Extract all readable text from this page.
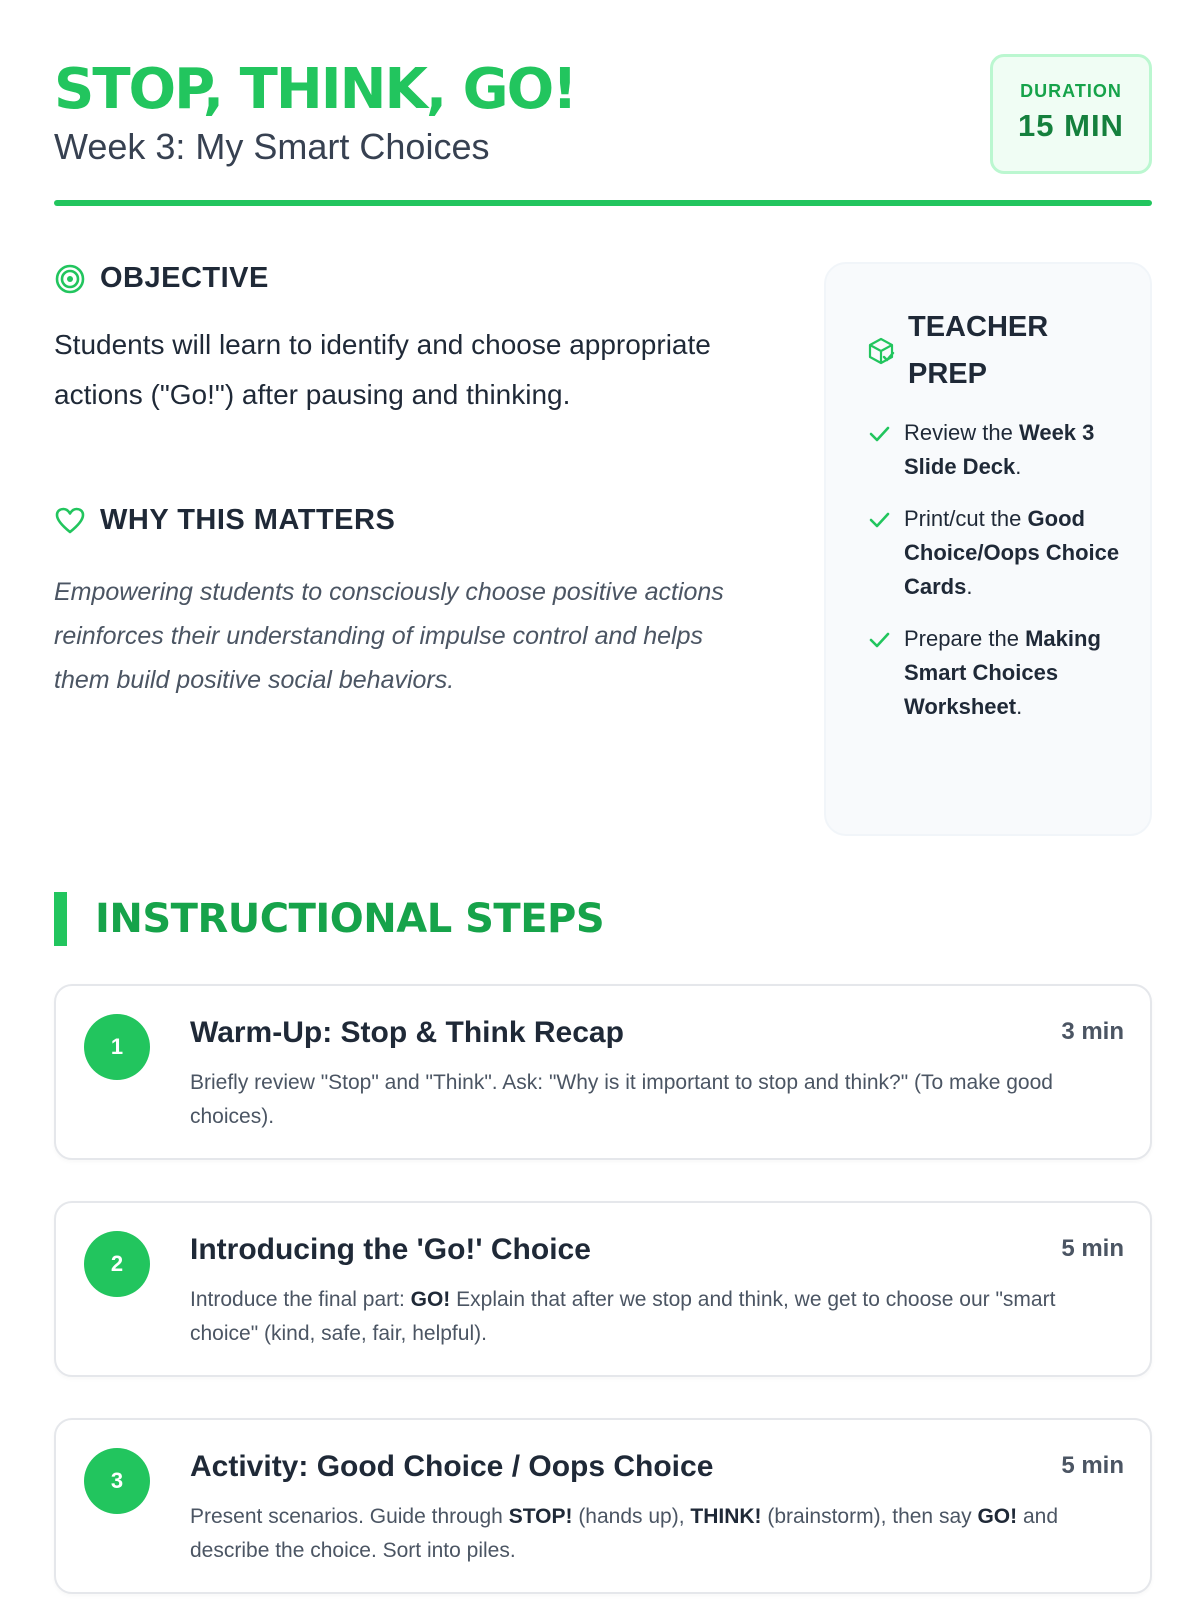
STOP, THINK, GO!
Week 3: My Smart Choices
DURATION
15 MIN
OBJECTIVE
Students will learn to identify and choose appropriate actions ("Go!") after pausing and thinking.
WHY THIS MATTERS
Empowering students to consciously choose positive actions reinforces their understanding of impulse control and helps them build positive social behaviors.
TEACHER PREP
Review the Week 3 Slide Deck.
Print/cut the Good Choice/Oops Choice Cards.
Prepare the Making Smart Choices Worksheet.
INSTRUCTIONAL STEPS
1	Warm-Up: Stop & Think Recap	3 min
Briefly review "Stop" and "Think". Ask: "Why is it important to stop and think?" (To make good choices).
2	Introducing the 'Go!' Choice	5 min
Introduce the final part: GO! Explain that after we stop and think, we get to choose our "smart choice" (kind, safe, fair, helpful).
3	Activity: Good Choice / Oops Choice	5 min
Present scenarios. Guide through STOP! (hands up), THINK! (brainstorm), then say GO! and describe the choice. Sort into piles.
